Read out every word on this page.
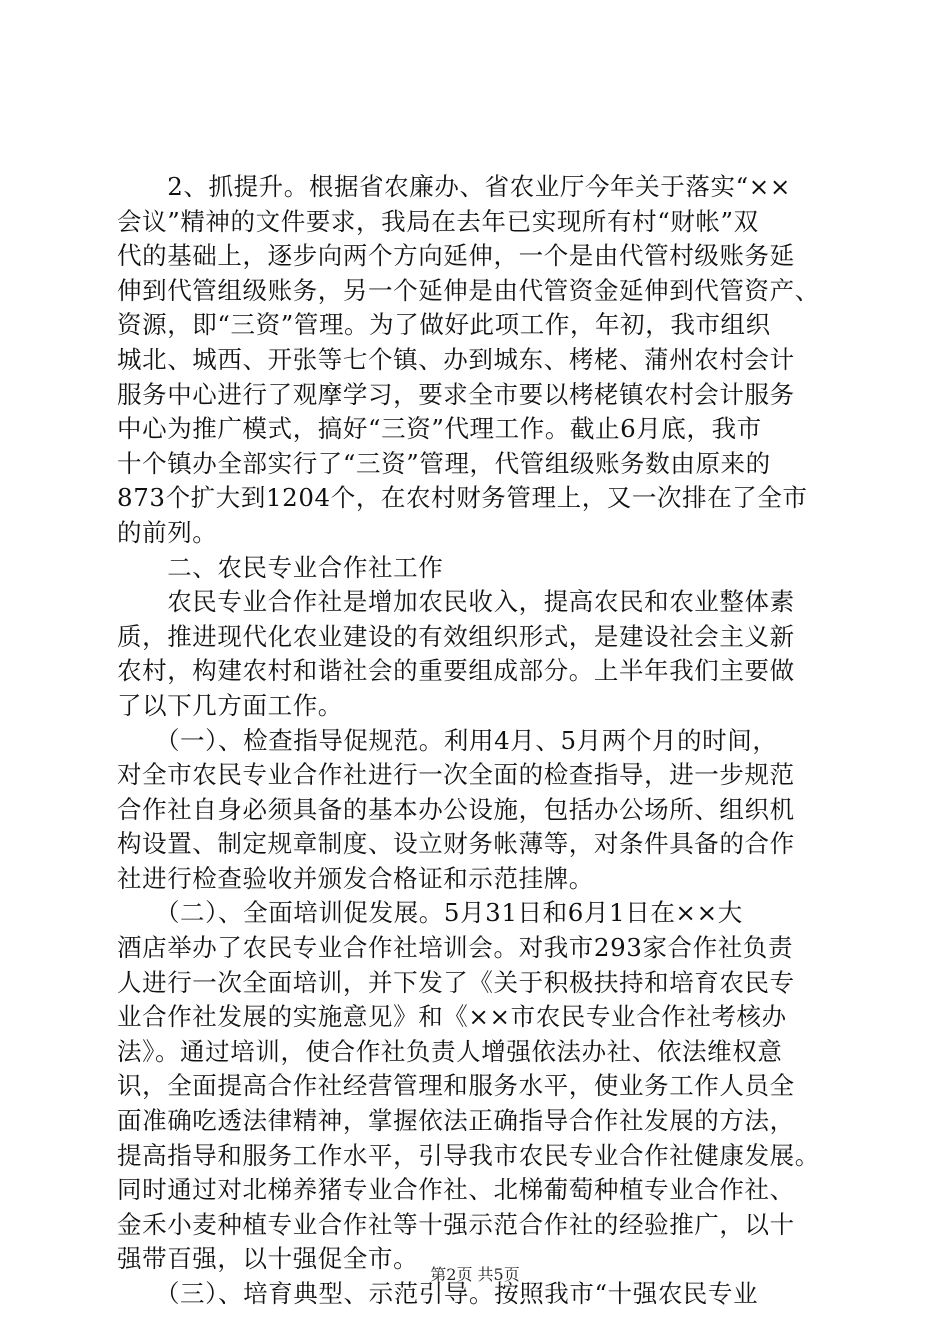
　　2、抓提升。根据省农廉办、省农业厅今年关于落实“××
会议”精神的文件要求，我局在去年已实现所有村“财帐”双
代的基础上，逐步向两个方向延伸，一个是由代管村级账务延
伸到代管组级账务，另一个延伸是由代管资金延伸到代管资产、
资源，即“三资”管理。为了做好此项工作，年初，我市组织
城北、城西、开张等七个镇、办到城东、栲栳、蒲州农村会计
服务中心进行了观摩学习，要求全市要以栲栳镇农村会计服务
中心为推广模式，搞好“三资”代理工作。截止6月底，我市
十个镇办全部实行了“三资”管理，代管组级账务数由原来的
873个扩大到1204个，在农村财务管理上，又一次排在了全市
的前列。
　　二、农民专业合作社工作
　　农民专业合作社是增加农民收入，提高农民和农业整体素
质，推进现代化农业建设的有效组织形式，是建设社会主义新
农村，构建农村和谐社会的重要组成部分。上半年我们主要做
了以下几方面工作。
　　（一）、检查指导促规范。利用4月、5月两个月的时间，
对全市农民专业合作社进行一次全面的检查指导，进一步规范
合作社自身必须具备的基本办公设施，包括办公场所、组织机
构设置、制定规章制度、设立财务帐薄等，对条件具备的合作
社进行检查验收并颁发合格证和示范挂牌。
　　（二）、全面培训促发展。5月31日和6月1日在××大
酒店举办了农民专业合作社培训会。对我市293家合作社负责
人进行一次全面培训，并下发了《关于积极扶持和培育农民专
业合作社发展的实施意见》和《××市农民专业合作社考核办
法》。通过培训，使合作社负责人增强依法办社、依法维权意
识，全面提高合作社经营管理和服务水平，使业务工作人员全
面准确吃透法律精神，掌握依法正确指导合作社发展的方法，
提高指导和服务工作水平，引导我市农民专业合作社健康发展。
同时通过对北梯养猪专业合作社、北梯葡萄种植专业合作社、
金禾小麦种植专业合作社等十强示范合作社的经验推广，以十
强带百强，以十强促全市。
　　（三）、培育典型、示范引导。按照我市“十强农民专业
第2页 共5页
